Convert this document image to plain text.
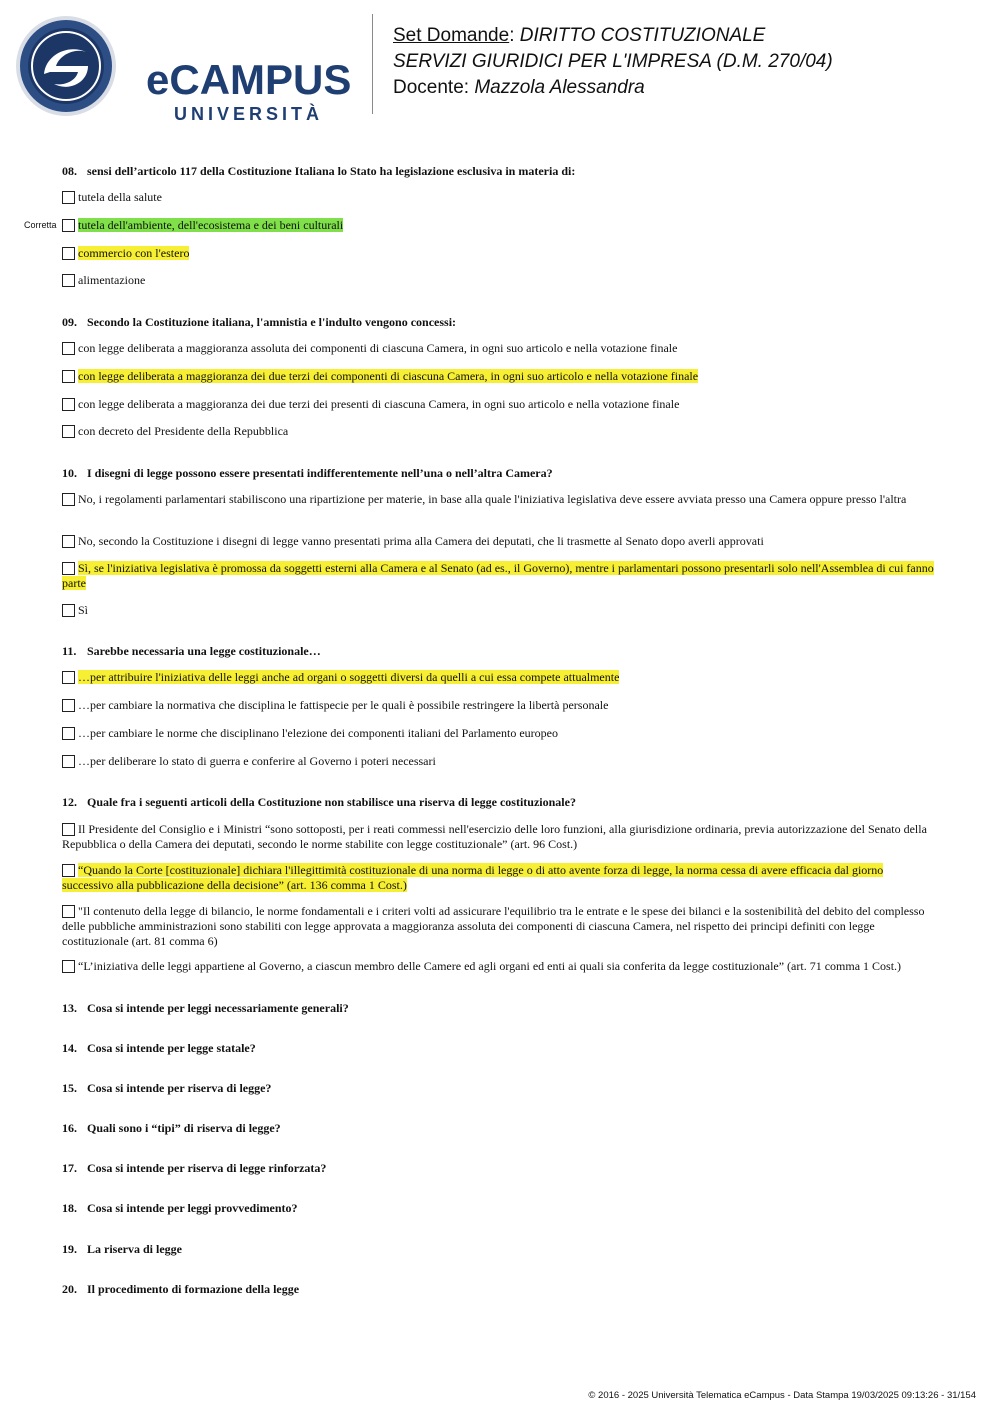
eCAMPUS
UNIVERSITÀ
Set Domande: DIRITTO COSTITUZIONALE
SERVIZI GIURIDICI PER L'IMPRESA (D.M. 270/04)
Docente: Mazzola Alessandra
08. sensi dell’articolo 117 della Costituzione Italiana lo Stato ha legislazione esclusiva in materia di:
tutela della salute
Corretta	tutela dell'ambiente, dell'ecosistema e dei beni culturali
commercio con l'estero
alimentazione
09. Secondo la Costituzione italiana, l'amnistia e l'indulto vengono concessi:
con legge deliberata a maggioranza assoluta dei componenti di ciascuna Camera, in ogni suo articolo e nella votazione finale
con legge deliberata a maggioranza dei due terzi dei componenti di ciascuna Camera, in ogni suo articolo e nella votazione finale
con legge deliberata a maggioranza dei due terzi dei presenti di ciascuna Camera, in ogni suo articolo e nella votazione finale
con decreto del Presidente della Repubblica
10. I disegni di legge possono essere presentati indifferentemente nell’una o nell’altra Camera?
No, i regolamenti parlamentari stabiliscono una ripartizione per materie, in base alla quale l'iniziativa legislativa deve essere avviata presso una Camera oppure presso l'altra
No, secondo la Costituzione i disegni di legge vanno presentati prima alla Camera dei deputati, che li trasmette al Senato dopo averli approvati
Sì, se l'iniziativa legislativa è promossa da soggetti esterni alla Camera e al Senato (ad es., il Governo), mentre i parlamentari possono presentarli solo nell'Assemblea di cui fanno parte
Sì
11. Sarebbe necessaria una legge costituzionale…
…per attribuire l'iniziativa delle leggi anche ad organi o soggetti diversi da quelli a cui essa compete attualmente
…per cambiare la normativa che disciplina le fattispecie per le quali è possibile restringere la libertà personale
…per cambiare le norme che disciplinano l'elezione dei componenti italiani del Parlamento europeo
…per deliberare lo stato di guerra e conferire al Governo i poteri necessari
12. Quale fra i seguenti articoli della Costituzione non stabilisce una riserva di legge costituzionale?
Il Presidente del Consiglio e i Ministri “sono sottoposti, per i reati commessi nell'esercizio delle loro funzioni, alla giurisdizione ordinaria, previa autorizzazione del Senato della Repubblica o della Camera dei deputati, secondo le norme stabilite con legge costituzionale” (art. 96 Cost.)
“Quando la Corte [costituzionale] dichiara l'illegittimità costituzionale di una norma di legge o di atto avente forza di legge, la norma cessa di avere efficacia dal giorno successivo alla pubblicazione della decisione” (art. 136 comma 1 Cost.)
"Il contenuto della legge di bilancio, le norme fondamentali e i criteri volti ad assicurare l'equilibrio tra le entrate e le spese dei bilanci e la sostenibilità del debito del complesso delle pubbliche amministrazioni sono stabiliti con legge approvata a maggioranza assoluta dei componenti di ciascuna Camera, nel rispetto dei principi definiti con legge costituzionale (art. 81 comma 6)
“L’iniziativa delle leggi appartiene al Governo, a ciascun membro delle Camere ed agli organi ed enti ai quali sia conferita da legge costituzionale” (art. 71 comma 1 Cost.)
13. Cosa si intende per leggi necessariamente generali?
14. Cosa si intende per legge statale?
15. Cosa si intende per riserva di legge?
16. Quali sono i “tipi” di riserva di legge?
17. Cosa si intende per riserva di legge rinforzata?
18. Cosa si intende per leggi provvedimento?
19. La riserva di legge
20. Il procedimento di formazione della legge
© 2016 - 2025 Università Telematica eCampus - Data Stampa 19/03/2025 09:13:26 - 31/154
